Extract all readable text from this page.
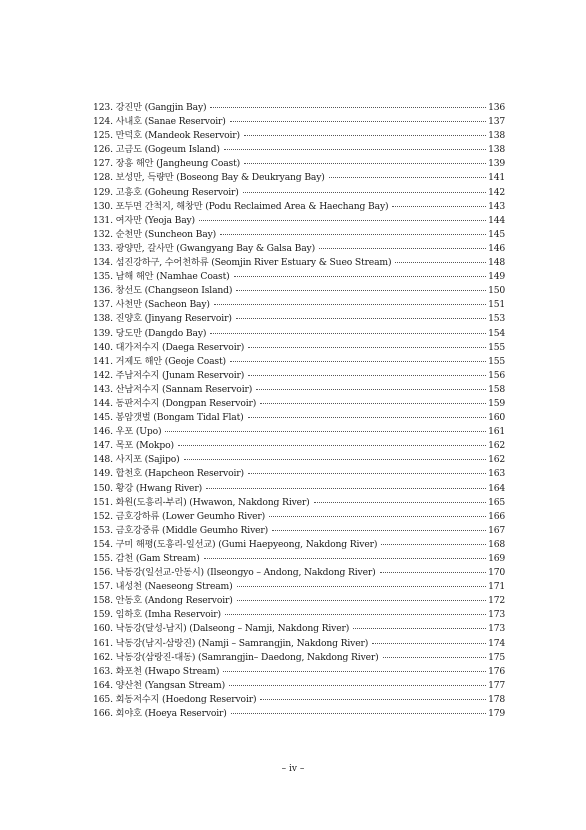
123. 강진만 (Gangjin Bay)	136
124. 사내호 (Sanae Reservoir)	137
125. 만덕호 (Mandeok Reservoir)	138
126. 고금도 (Gogeum Island)	138
127. 장흥 해안 (Jangheung Coast)	139
128. 보성만, 득량만 (Boseong Bay & Deukryang Bay)	141
129. 고흥호 (Goheung Reservoir)	142
130. 포두면 간척지, 해창만 (Podu Reclaimed Area & Haechang Bay)	143
131. 여자만 (Yeoja Bay)	144
132. 순천만 (Suncheon Bay)	145
133. 광양만, 갈사만 (Gwangyang Bay & Galsa Bay)	146
134. 섬진강하구, 수어천하류 (Seomjin River Estuary & Sueo Stream)	148
135. 남해 해안 (Namhae Coast)	149
136. 창선도 (Changseon Island)	150
137. 사천만 (Sacheon Bay)	151
138. 진양호 (Jinyang Reservoir)	153
139. 당도만 (Dangdo Bay)	154
140. 대가저수지 (Daega Reservoir)	155
141. 거제도 해안 (Geoje Coast)	155
142. 주남저수지 (Junam Reservoir)	156
143. 산남저수지 (Sannam Reservoir)	158
144. 동판저수지 (Dongpan Reservoir)	159
145. 봉암갯벌 (Bongam Tidal Flat)	160
146. 우포 (Upo)	161
147. 목포 (Mokpo)	162
148. 사지포 (Sajipo)	162
149. 합천호 (Hapcheon Reservoir)	163
150. 황강 (Hwang River)	164
151. 화원(도흥리-부리) (Hwawon, Nakdong River)	165
152. 금호강하류 (Lower Geumho River)	166
153. 금호강중류 (Middle Geumho River)	167
154. 구미 해평(도흥리-일선교) (Gumi Haepyeong, Nakdong River)	168
155. 감천 (Gam Stream)	169
156. 낙동강(일선교-안동시) (Ilseongyo – Andong, Nakdong River)	170
157. 내성천 (Naeseong Stream)	171
158. 안동호 (Andong Reservoir)	172
159. 임하호 (Imha Reservoir)	173
160. 낙동강(달성-남지) (Dalseong – Namji, Nakdong River)	173
161. 낙동강(남지-삼랑진) (Namji – Samrangjin, Nakdong River)	174
162. 낙동강(삼랑진-대동) (Samrangjin– Daedong, Nakdong River)	175
163. 화포천 (Hwapo Stream)	176
164. 양산천 (Yangsan Stream)	177
165. 회동저수지 (Hoedong Reservoir)	178
166. 회야호 (Hoeya Reservoir)	179
– iv –
